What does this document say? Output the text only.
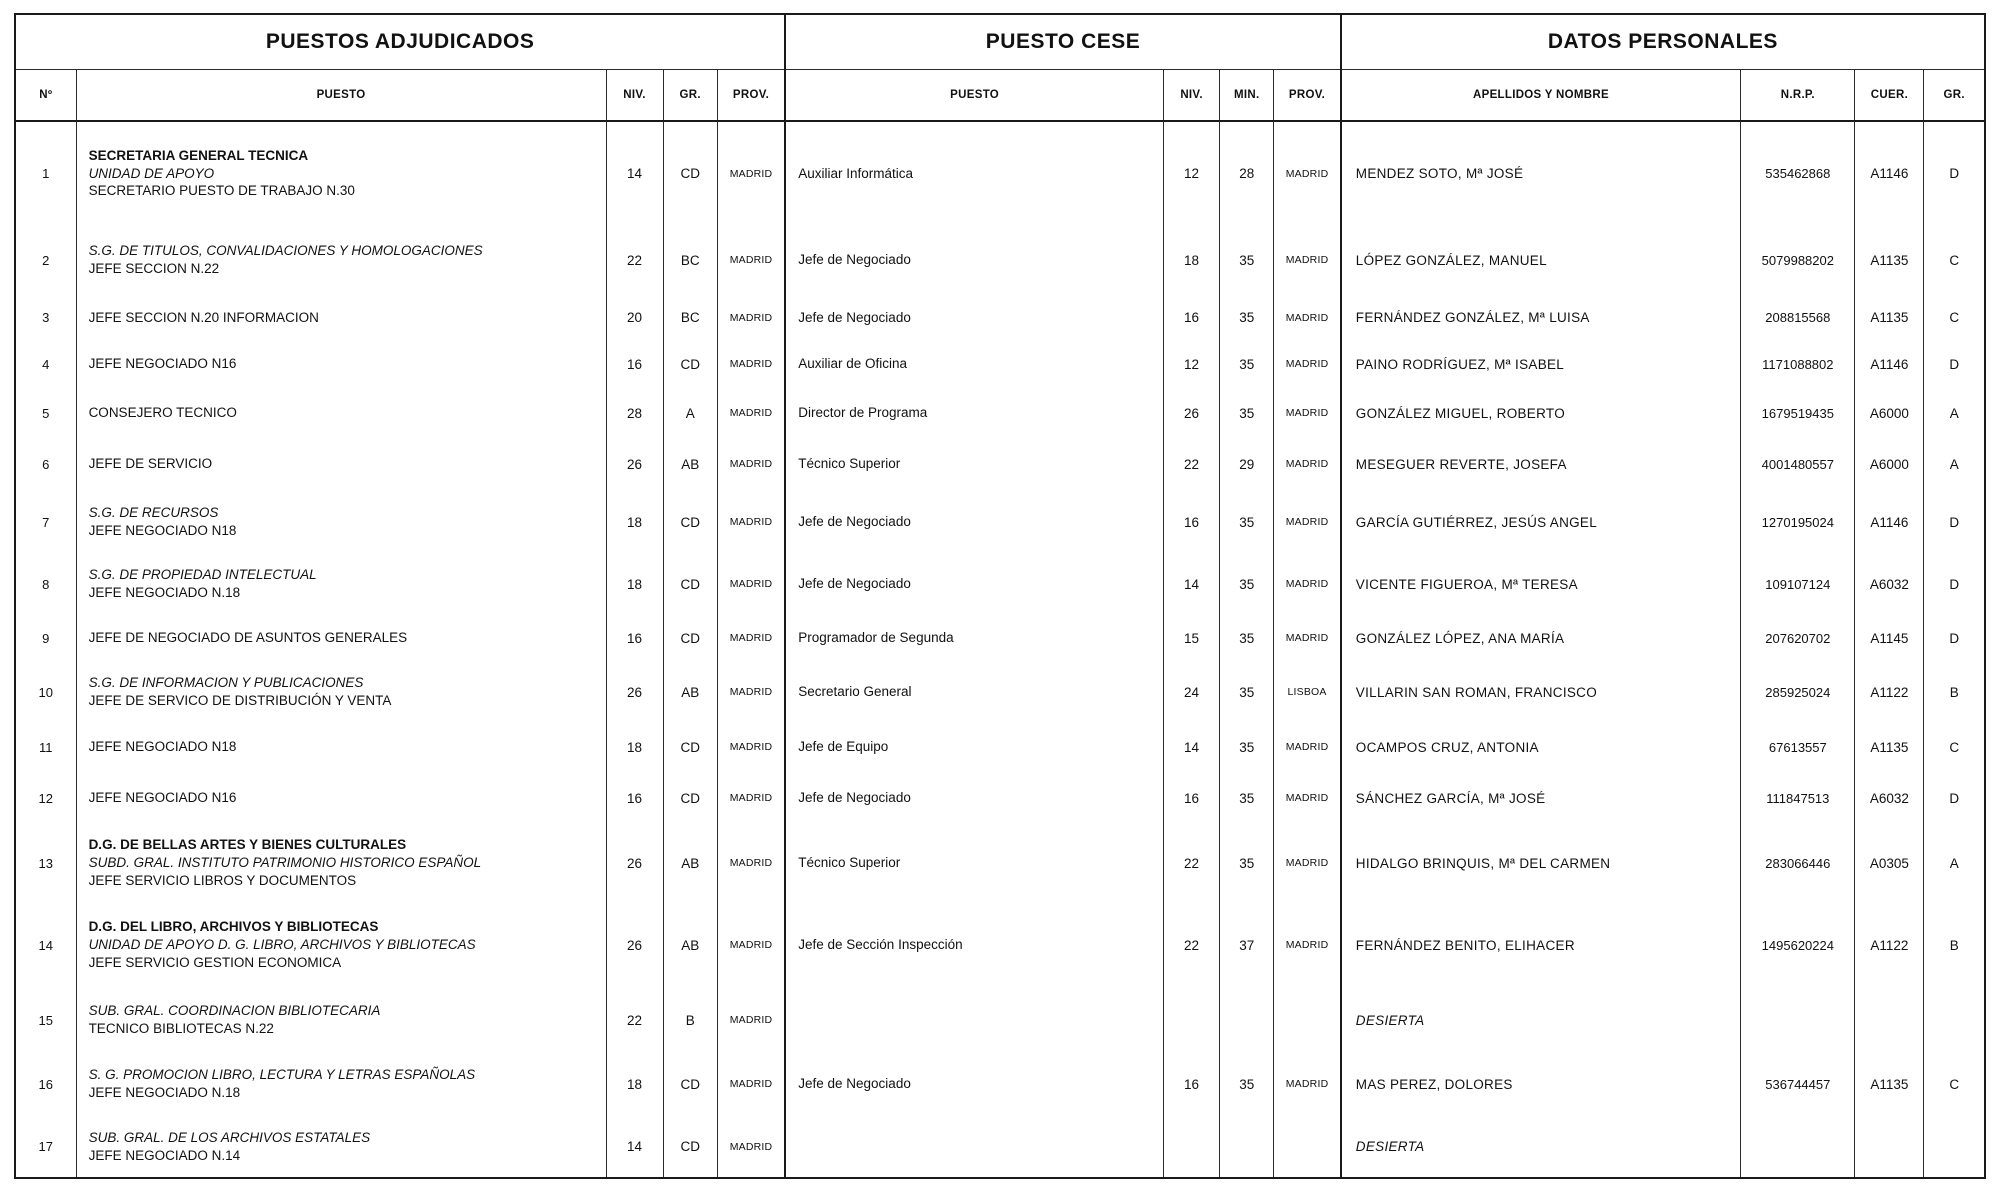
PUESTOS ADJUDICADOS					PUESTO CESE				DATOS PERSONALES			
Nº	PUESTO	NIV.	GR.	PROV.	PUESTO	NIV.	MIN.	PROV.	APELLIDOS Y NOMBRE	N.R.P.	CUER.	GR.
1	SECRETARIA GENERAL TECNICA
UNIDAD DE APOYO
SECRETARIO PUESTO DE TRABAJO N.30	14	CD	MADRID	Auxiliar Informática	12	28	MADRID	MENDEZ SOTO, Mª JOSÉ	535462868	A1146	D
2	S.G. DE TITULOS, CONVALIDACIONES Y HOMOLOGACIONES
JEFE SECCION N.22	22	BC	MADRID	Jefe de Negociado	18	35	MADRID	LÓPEZ GONZÁLEZ, MANUEL	5079988202	A1135	C
3	JEFE SECCION N.20 INFORMACION	20	BC	MADRID	Jefe de Negociado	16	35	MADRID	FERNÁNDEZ GONZÁLEZ, Mª LUISA	208815568	A1135	C
4	JEFE NEGOCIADO N16	16	CD	MADRID	Auxiliar de Oficina	12	35	MADRID	PAINO RODRÍGUEZ, Mª ISABEL	1171088802	A1146	D
5	CONSEJERO TECNICO	28	A	MADRID	Director de Programa	26	35	MADRID	GONZÁLEZ MIGUEL, ROBERTO	1679519435	A6000	A
6	JEFE DE SERVICIO	26	AB	MADRID	Técnico Superior	22	29	MADRID	MESEGUER REVERTE, JOSEFA	4001480557	A6000	A
7	S.G. DE RECURSOS
JEFE NEGOCIADO N18	18	CD	MADRID	Jefe de Negociado	16	35	MADRID	GARCÍA GUTIÉRREZ, JESÚS ANGEL	1270195024	A1146	D
8	S.G. DE PROPIEDAD INTELECTUAL
JEFE NEGOCIADO N.18	18	CD	MADRID	Jefe de Negociado	14	35	MADRID	VICENTE FIGUEROA, Mª TERESA	109107124	A6032	D
9	JEFE DE NEGOCIADO DE ASUNTOS GENERALES	16	CD	MADRID	Programador de Segunda	15	35	MADRID	GONZÁLEZ LÓPEZ, ANA MARÍA	207620702	A1145	D
10	S.G. DE INFORMACION Y PUBLICACIONES
JEFE DE SERVICO DE DISTRIBUCIÓN Y VENTA	26	AB	MADRID	Secretario General	24	35	LISBOA	VILLARIN SAN ROMAN, FRANCISCO	285925024	A1122	B
11	JEFE NEGOCIADO N18	18	CD	MADRID	Jefe de Equipo	14	35	MADRID	OCAMPOS CRUZ, ANTONIA	67613557	A1135	C
12	JEFE NEGOCIADO N16	16	CD	MADRID	Jefe de Negociado	16	35	MADRID	SÁNCHEZ GARCÍA, Mª JOSÉ	111847513	A6032	D
13	D.G. DE BELLAS ARTES Y BIENES CULTURALES
SUBD. GRAL. INSTITUTO PATRIMONIO HISTORICO ESPAÑOL
JEFE SERVICIO LIBROS Y DOCUMENTOS	26	AB	MADRID	Técnico Superior	22	35	MADRID	HIDALGO BRINQUIS, Mª DEL CARMEN	283066446	A0305	A
14	D.G. DEL LIBRO, ARCHIVOS Y BIBLIOTECAS
UNIDAD DE APOYO D. G. LIBRO, ARCHIVOS Y BIBLIOTECAS
JEFE SERVICIO GESTION ECONOMICA	26	AB	MADRID	Jefe de Sección Inspección	22	37	MADRID	FERNÁNDEZ BENITO, ELIHACER	1495620224	A1122	B
15	SUB. GRAL. COORDINACION BIBLIOTECARIA
TECNICO BIBLIOTECAS N.22	22	B	MADRID					DESIERTA			
16	S. G. PROMOCION LIBRO, LECTURA Y LETRAS ESPAÑOLAS
JEFE NEGOCIADO N.18	18	CD	MADRID	Jefe de Negociado	16	35	MADRID	MAS PEREZ, DOLORES	536744457	A1135	C
17	SUB. GRAL. DE LOS ARCHIVOS ESTATALES
JEFE NEGOCIADO N.14	14	CD	MADRID					DESIERTA			
